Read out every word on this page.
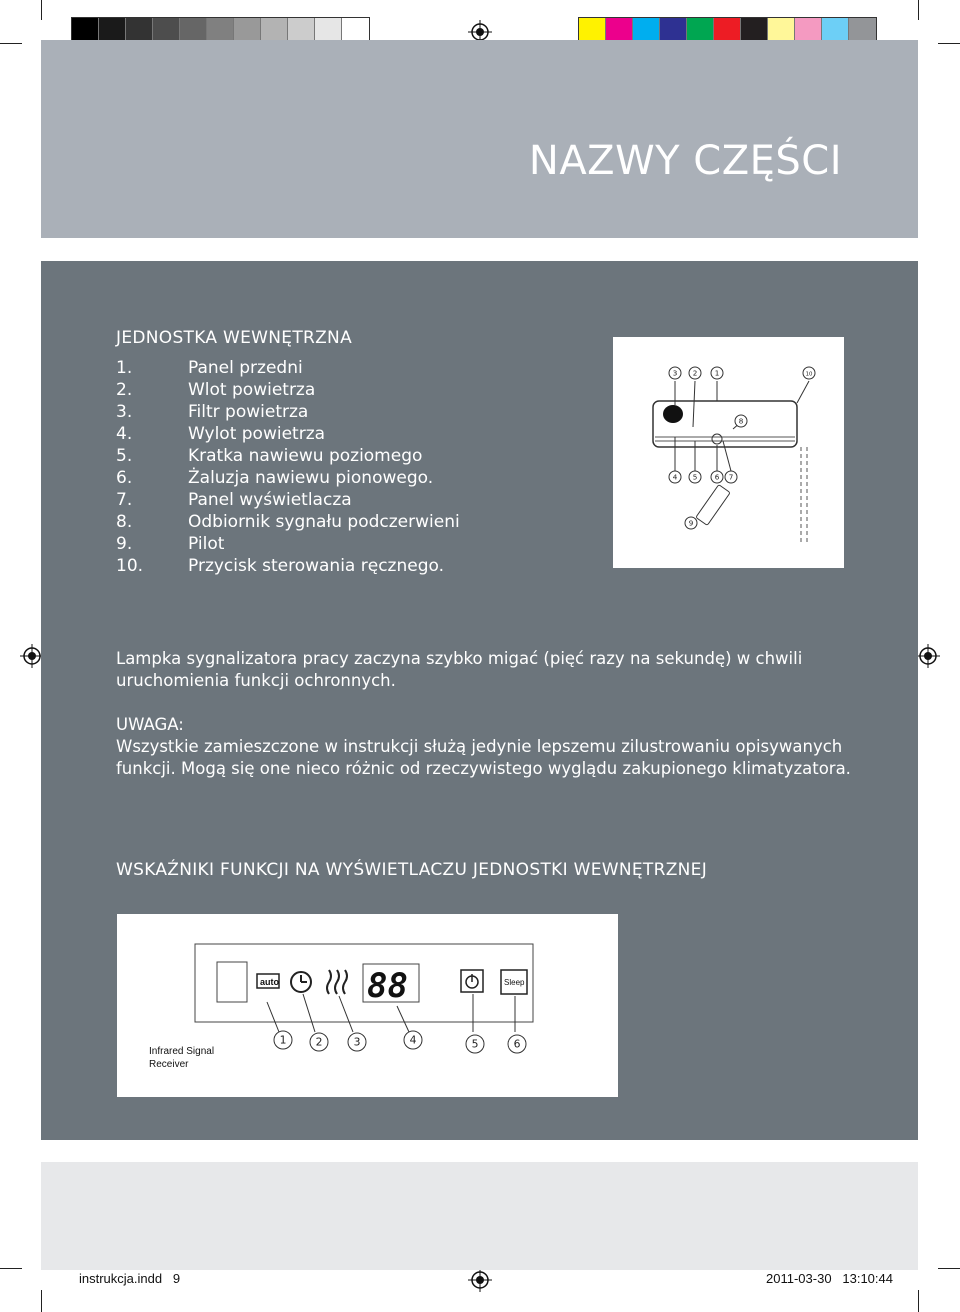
NAZWY CZĘŚCI
JEDNOSTKA WEWNĘTRZNA
1.	Panel przedni
2.	Wlot powietrza
3.	Filtr powietrza
4.	Wylot powietrza
5.	Kratka nawiewu poziomego
6.	Żaluzja nawiewu pionowego.
7.	Panel wyświetlacza
8.	Odbiornik sygnału podczerwieni
9.	Pilot
10.	Przycisk sterowania ręcznego.
3 2 1	10
8
4 5 6 7
9
Lampka sygnalizatora pracy zaczyna szybko migać (pięć razy na sekundę) w chwili uruchomienia funkcji ochronnych.
UWAGA:
Wszystkie zamieszczone w instrukcji służą jedynie lepszemu zilustrowaniu opisywanych funkcji. Mogą się one nieco różnic od rzeczywistego wyglądu zakupionego klimatyzatora.
WSKAŹNIKI FUNKCJI NA WYŚWIETLACZU JEDNOSTKI WEWNĘTRZNEJ
auto	88	Sleep
1	2	3	4	5	6
Infrared Signal
Receiver
instrukcja.indd   9	2011-03-30   13:10:44
